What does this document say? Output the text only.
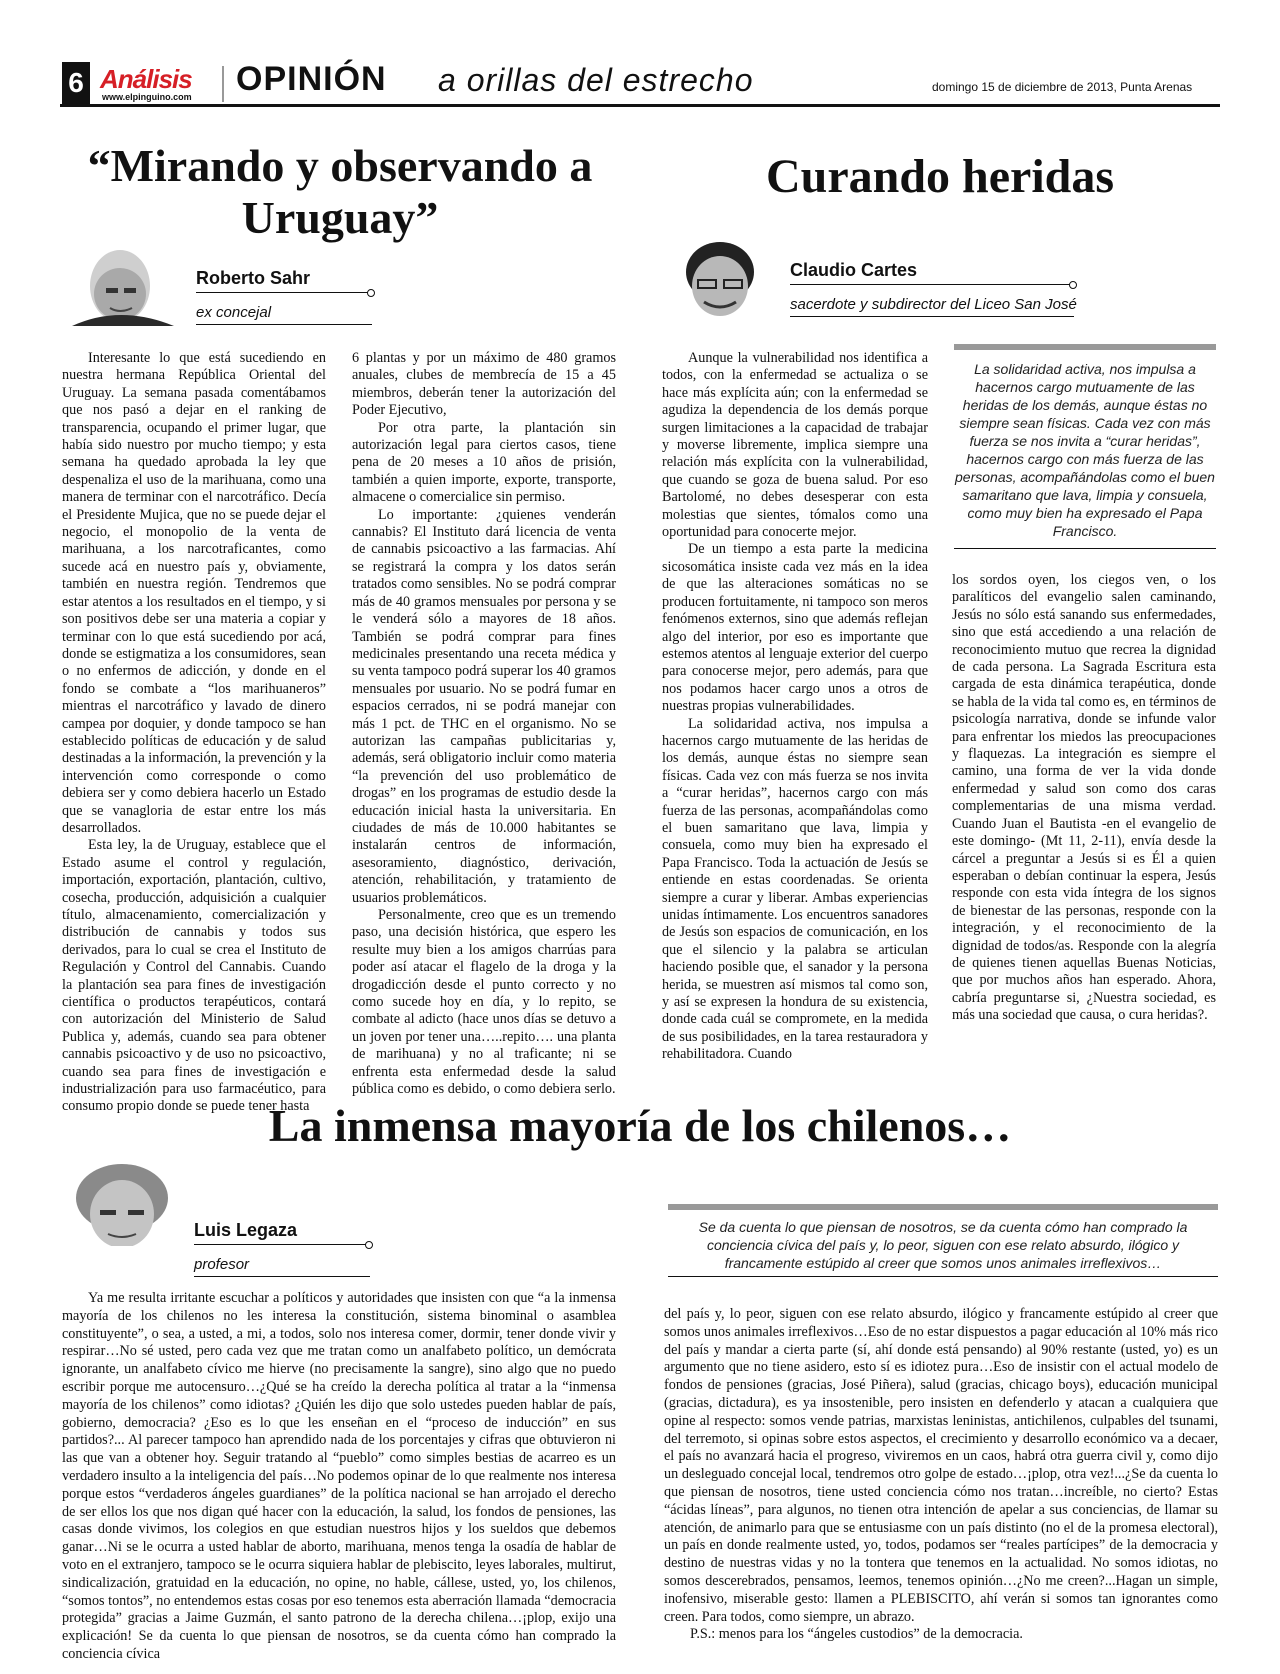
6 Análisis
www.elpinguino.com OPINIÓN a orillas del estrecho	domingo 15 de diciembre de 2013, Punta Arenas
“Mirando y observando a Uruguay”
Roberto Sahr
ex concejal

Interesante lo que está sucediendo en nuestra hermana República Oriental del Uruguay. La semana pasada comentábamos que nos pasó a dejar en el ranking de transparencia, ocupando el primer lugar, que había sido nuestro por mucho tiempo; y esta semana ha quedado aprobada la ley que despenaliza el uso de la marihuana, como una manera de terminar con el narcotráfico. Decía el Presidente Mujica, que no se puede dejar el negocio, el monopolio de la venta de marihuana, a los narcotraficantes, como sucede acá en nuestro país y, obviamente, también en nuestra región. Tendremos que estar atentos a los resultados en el tiempo, y si son positivos debe ser una materia a copiar y terminar con lo que está sucediendo por acá, donde se estigmatiza a los consumidores, sean o no enfermos de adicción, y donde en el fondo se combate a “los marihuaneros” mientras el narcotráfico y lavado de dinero campea por doquier, y donde tampoco se han establecido políticas de educación y de salud destinadas a la información, la prevención y la intervención como corresponde o como debiera ser y como debiera hacerlo un Estado que se vanagloria de estar entre los más desarrollados.

Esta ley, la de Uruguay, establece que el Estado asume el control y regulación, importación, exportación, plantación, cultivo, cosecha, producción, adquisición a cualquier título, almacenamiento, comercialización y distribución de cannabis y todos sus derivados, para lo cual se crea el Instituto de Regulación y Control del Cannabis. Cuando la plantación sea para fines de investigación científica o productos terapéuticos, contará con autorización del Ministerio de Salud Publica y, además, cuando sea para obtener cannabis psicoactivo y de uso no psicoactivo, cuando sea para fines de investigación e industrialización para uso farmacéutico, para consumo propio donde se puede tener hasta

6 plantas y por un máximo de 480 gramos anuales, clubes de membrecía de 15 a 45 miembros, deberán tener la autorización del Poder Ejecutivo,

Por otra parte, la plantación sin autorización legal para ciertos casos, tiene pena de 20 meses a 10 años de prisión, también a quien importe, exporte, transporte, almacene o comercialice sin permiso.

Lo importante: ¿quienes venderán cannabis? El Instituto dará licencia de venta de cannabis psicoactivo a las farmacias. Ahí se registrará la compra y los datos serán tratados como sensibles. No se podrá comprar más de 40 gramos mensuales por persona y se le venderá sólo a mayores de 18 años. También se podrá comprar para fines medicinales presentando una receta médica y su venta tampoco podrá superar los 40 gramos mensuales por usuario. No se podrá fumar en espacios cerrados, ni se podrá manejar con más 1 pct. de THC en el organismo. No se autorizan las campañas publicitarias y, además, será obligatorio incluir como materia “la prevención del uso problemático de drogas” en los programas de estudio desde la educación inicial hasta la universitaria. En ciudades de más de 10.000 habitantes se instalarán centros de información, asesoramiento, diagnóstico, derivación, atención, rehabilitación, y tratamiento de usuarios problemáticos.

Personalmente, creo que es un tremendo paso, una decisión histórica, que espero les resulte muy bien a los amigos charrúas para poder así atacar el flagelo de la droga y la drogadicción desde el punto correcto y no como sucede hoy en día, y lo repito, se combate al adicto (hace unos días se detuvo a un joven por tener una…..repito…. una planta de marihuana) y no al traficante; ni se enfrenta esta enfermedad desde la salud pública como es debido, o como debiera serlo.

Curando heridas
Claudio Cartes
sacerdote y subdirector del Liceo San José

Aunque la vulnerabilidad nos identifica a todos, con la enfermedad se actualiza o se hace más explícita aún; con la enfermedad se agudiza la dependencia de los demás porque surgen limitaciones a la capacidad de trabajar y moverse libremente, implica siempre una relación más explícita con la vulnerabilidad, que cuando se goza de buena salud. Por eso Bartolomé, no debes desesperar con esta molestias que sientes, tómalos como una oportunidad para conocerte mejor.

De un tiempo a esta parte la medicina sicosomática insiste cada vez más en la idea de que las alteraciones somáticas no se producen fortuitamente, ni tampoco son meros fenómenos externos, sino que además reflejan algo del interior, por eso es importante que estemos atentos al lenguaje exterior del cuerpo para conocerse mejor, pero además, para que nos podamos hacer cargo unos a otros de nuestras propias vulnerabilidades.

La solidaridad activa, nos impulsa a hacernos cargo mutuamente de las heridas de los demás, aunque éstas no siempre sean físicas. Cada vez con más fuerza se nos invita a “curar heridas”, hacernos cargo con más fuerza de las personas, acompañándolas como el buen samaritano que lava, limpia y consuela, como muy bien ha expresado el Papa Francisco. Toda la actuación de Jesús se entiende en estas coordenadas. Se orienta siempre a curar y liberar. Ambas experiencias unidas íntimamente. Los encuentros sanadores de Jesús son espacios de comunicación, en los que el silencio y la palabra se articulan haciendo posible que, el sanador y la persona herida, se muestren así mismos tal como son, y así se expresen la hondura de su existencia, donde cada cuál se compromete, en la medida de sus posibilidades, en la tarea restauradora y rehabilitadora. Cuando

La solidaridad activa, nos impulsa a hacernos cargo mutuamente de las heridas de los demás, aunque éstas no siempre sean físicas. Cada vez con más fuerza se nos invita a “curar heridas”, hacernos cargo con más fuerza de las personas, acompañándolas como el buen samaritano que lava, limpia y consuela, como muy bien ha expresado el Papa Francisco.

los sordos oyen, los ciegos ven, o los paralíticos del evangelio salen caminando, Jesús no sólo está sanando sus enfermedades, sino que está accediendo a una relación de reconocimiento mutuo que recrea la dignidad de cada persona. La Sagrada Escritura esta cargada de esta dinámica terapéutica, donde se habla de la vida tal como es, en términos de psicología narrativa, donde se infunde valor para enfrentar los miedos las preocupaciones y flaquezas. La integración es siempre el camino, una forma de ver la vida donde enfermedad y salud son como dos caras complementarias de una misma verdad. Cuando Juan el Bautista -en el evangelio de este domingo- (Mt 11, 2-11), envía desde la cárcel a preguntar a Jesús si es Él a quien esperaban o debían continuar la espera, Jesús responde con esta vida íntegra de los signos de bienestar de las personas, responde con la integración, y el reconocimiento de la dignidad de todos/as. Responde con la alegría de quienes tienen aquellas Buenas Noticias, que por muchos años han esperado. Ahora, cabría preguntarse si, ¿Nuestra sociedad, es más una sociedad que causa, o cura heridas?.

La inmensa mayoría de los chilenos…
Luis Legaza
profesor
Se da cuenta lo que piensan de nosotros, se da cuenta cómo han comprado la conciencia cívica del país y, lo peor, siguen con ese relato absurdo, ilógico y francamente estúpido al creer que somos unos animales irreflexivos…

Ya me resulta irritante escuchar a políticos y autoridades que insisten con que “a la inmensa mayoría de los chilenos no les interesa la constitución, sistema binominal o asamblea constituyente”, o sea, a usted, a mi, a todos, solo nos interesa comer, dormir, tener donde vivir y respirar…No sé usted, pero cada vez que me tratan como un analfabeto político, un demócrata ignorante, un analfabeto cívico me hierve (no precisamente la sangre), sino algo que no puedo escribir porque me autocensuro…¿Qué se ha creído la derecha política al tratar a la “inmensa mayoría de los chilenos” como idiotas? ¿Quién les dijo que solo ustedes pueden hablar de país, gobierno, democracia? ¿Eso es lo que les enseñan en el “proceso de inducción” en sus partidos?... Al parecer tampoco han aprendido nada de los porcentajes y cifras que obtuvieron ni las que van a obtener hoy. Seguir tratando al “pueblo” como simples bestias de acarreo es un verdadero insulto a la inteligencia del país…No podemos opinar de lo que realmente nos interesa porque estos “verdaderos ángeles guardianes” de la política nacional se han arrojado el derecho de ser ellos los que nos digan qué hacer con la educación, la salud, los fondos de pensiones, las casas donde vivimos, los colegios en que estudian nuestros hijos y los sueldos que debemos ganar…Ni se le ocurra a usted hablar de aborto, marihuana, menos tenga la osadía de hablar de voto en el extranjero, tampoco se le ocurra siquiera hablar de plebiscito, leyes laborales, multirut, sindicalización, gratuidad en la educación, no opine, no hable, cállese, usted, yo, los chilenos, “somos tontos”, no entendemos estas cosas por eso tenemos esta aberración llamada “democracia protegida” gracias a Jaime Guzmán, el santo patrono de la derecha chilena…¡plop, exijo una explicación! Se da cuenta lo que piensan de nosotros, se da cuenta cómo han comprado la conciencia cívica

del país y, lo peor, siguen con ese relato absurdo, ilógico y francamente estúpido al creer que somos unos animales irreflexivos…Eso de no estar dispuestos a pagar educación al 10% más rico del país y mandar a cierta parte (sí, ahí donde está pensando) al 90% restante (usted, yo) es un argumento que no tiene asidero, esto sí es idiotez pura…Eso de insistir con el actual modelo de fondos de pensiones (gracias, José Piñera), salud (gracias, chicago boys), educación municipal (gracias, dictadura), es ya insostenible, pero insisten en defenderlo y atacan a cualquiera que opine al respecto: somos vende patrias, marxistas leninistas, antichilenos, culpables del tsunami, del terremoto, si opinas sobre estos aspectos, el crecimiento y desarrollo económico va a decaer, el país no avanzará hacia el progreso, viviremos en un caos, habrá otra guerra civil y, como dijo un desleguado concejal local, tendremos otro golpe de estado…¡plop, otra vez!...¿Se da cuenta lo que piensan de nosotros, tiene usted conciencia cómo nos tratan…increíble, no cierto? Estas “ácidas líneas”, para algunos, no tienen otra intención de apelar a sus conciencias, de llamar su atención, de animarlo para que se entusiasme con un país distinto (no el de la promesa electoral), un país en donde realmente usted, yo, todos, podamos ser “reales partícipes” de la democracia y destino de nuestras vidas y no la tontera que tenemos en la actualidad. No somos idiotas, no somos descerebrados, pensamos, leemos, tenemos opinión…¿No me creen?...Hagan un simple, inofensivo, miserable gesto: llamen a PLEBISCITO, ahí verán si somos tan ignorantes como creen. Para todos, como siempre, un abrazo.

P.S.: menos para los “ángeles custodios” de la democracia.
